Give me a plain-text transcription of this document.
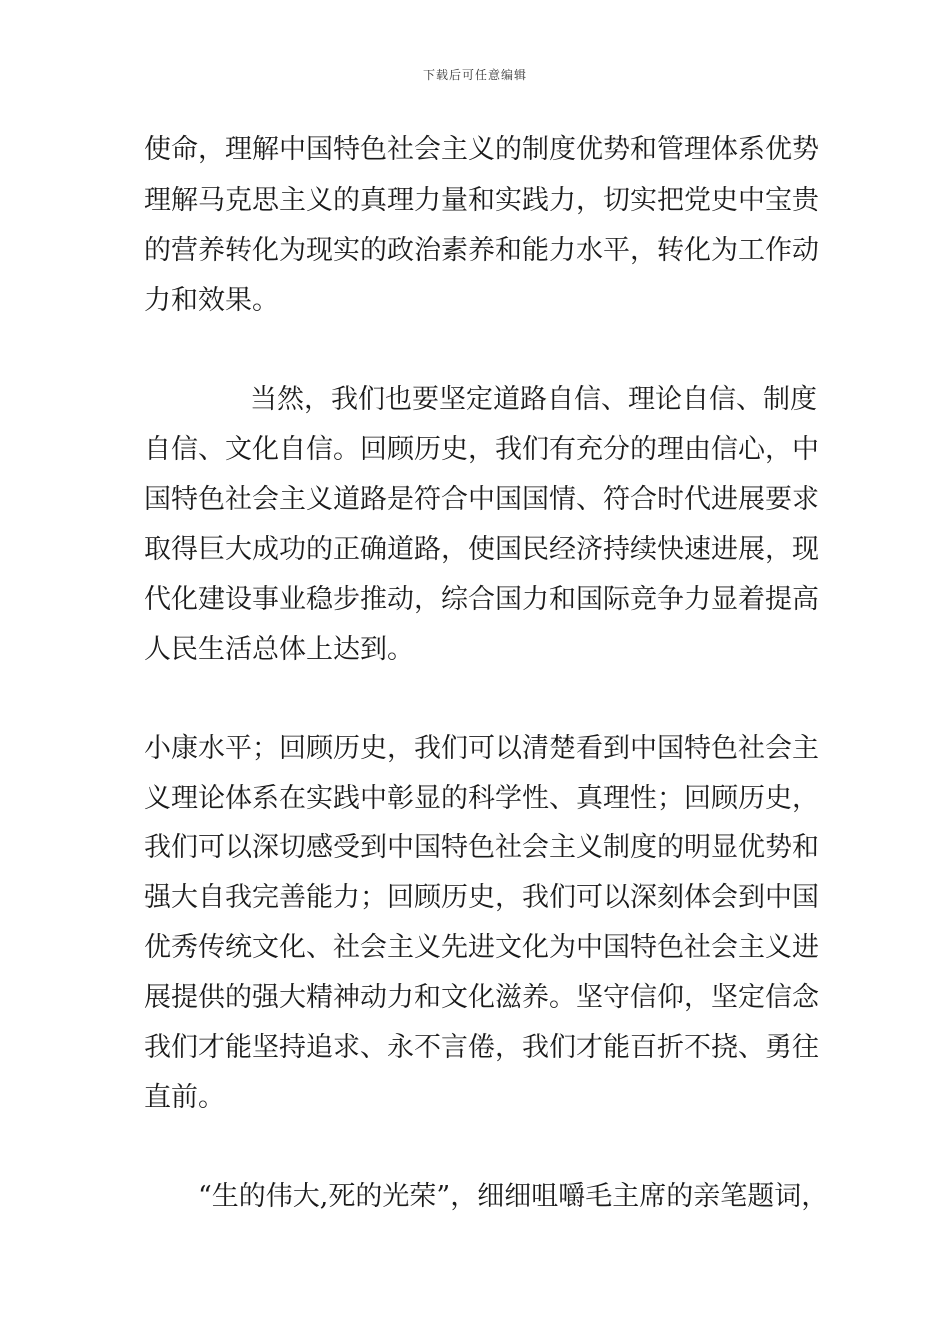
下载后可任意编辑
使命，理解中国特色社会主义的制度优势和管理体系优势
理解马克思主义的真理力量和实践力，切实把党史中宝贵
的营养转化为现实的政治素养和能力水平，转化为工作动
力和效果。
当然，我们也要坚定道路自信、理论自信、制度
自信、文化自信。回顾历史，我们有充分的理由信心，中
国特色社会主义道路是符合中国国情、符合时代进展要求
取得巨大成功的正确道路，使国民经济持续快速进展，现
代化建设事业稳步推动，综合国力和国际竞争力显着提高
人民生活总体上达到。
小康水平；回顾历史，我们可以清楚看到中国特色社会主
义理论体系在实践中彰显的科学性、真理性；回顾历史，
我们可以深切感受到中国特色社会主义制度的明显优势和
强大自我完善能力；回顾历史，我们可以深刻体会到中国
优秀传统文化、社会主义先进文化为中国特色社会主义进
展提供的强大精神动力和文化滋养。坚守信仰，坚定信念
我们才能坚持追求、永不言倦，我们才能百折不挠、勇往
直前。
“生的伟大,死的光荣”，细细咀嚼毛主席的亲笔题词，
